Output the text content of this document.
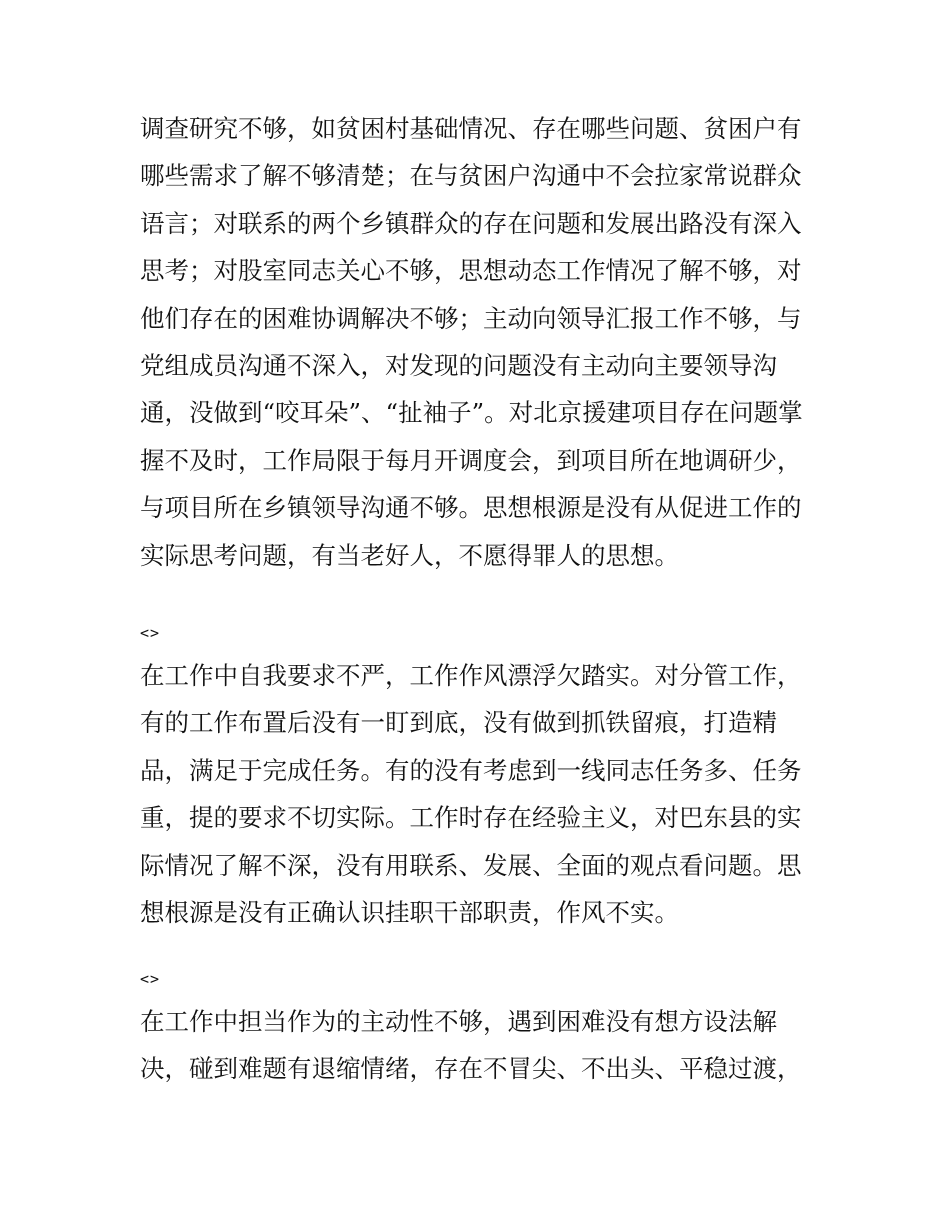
调查研究不够，如贫困村基础情况、存在哪些问题、贫困户有
哪些需求了解不够清楚；在与贫困户沟通中不会拉家常说群众
语言；对联系的两个乡镇群众的存在问题和发展出路没有深入
思考；对股室同志关心不够，思想动态工作情况了解不够，对
他们存在的困难协调解决不够；主动向领导汇报工作不够，与
党组成员沟通不深入，对发现的问题没有主动向主要领导沟
通，没做到“咬耳朵”、“扯袖子”。对北京援建项目存在问题掌
握不及时，工作局限于每月开调度会，到项目所在地调研少，
与项目所在乡镇领导沟通不够。思想根源是没有从促进工作的
实际思考问题，有当老好人，不愿得罪人的思想。
<>
在工作中自我要求不严，工作作风漂浮欠踏实。对分管工作，
有的工作布置后没有一盯到底，没有做到抓铁留痕，打造精
品，满足于完成任务。有的没有考虑到一线同志任务多、任务
重，提的要求不切实际。工作时存在经验主义，对巴东县的实
际情况了解不深，没有用联系、发展、全面的观点看问题。思
想根源是没有正确认识挂职干部职责，作风不实。
<>
在工作中担当作为的主动性不够，遇到困难没有想方设法解
决，碰到难题有退缩情绪，存在不冒尖、不出头、平稳过渡，
